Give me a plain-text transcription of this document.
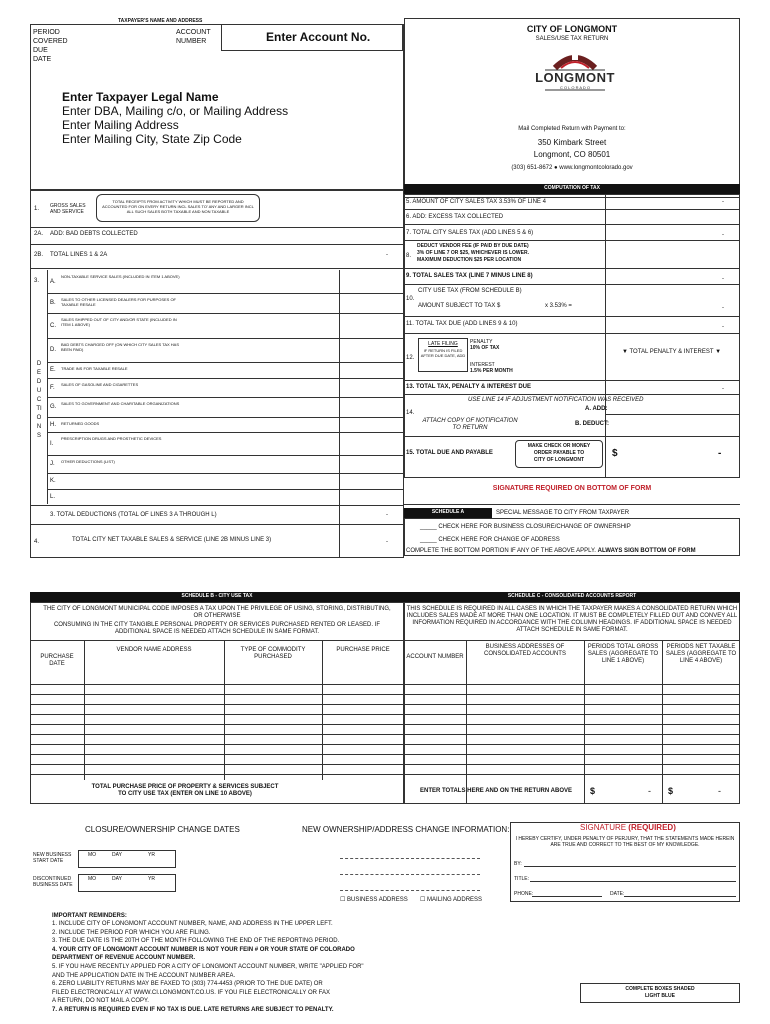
TAXPAYER'S NAME AND ADDRESS
PERIOD
COVERED
DUE
DATE
ACCOUNT
NUMBER	Enter Account No.
Enter Taxpayer Legal Name
Enter DBA, Mailing c/o, or Mailing Address
Enter Mailing Address
Enter Mailing City, State Zip Code
CITY OF LONGMONT
SALES/USE TAX RETURN
LONGMONT
C O L O R A D O
Mail Completed Return with Payment to:
350 Kimbark Street
Longmont, CO 80501
(303) 651-8672 ● www.longmontcolorado.gov
1. GROSS SALES
AND SERVICE
TOTAL RECEIPTS FROM ACTIVITY WHICH MUST BE REPORTED AND ACCOUNTED FOR ON EVERY RETURN INCL SALES TO’ ANY AND LARGER INCL ALL SUCH SALES BOTH TAXABLE AND NON TAXABLE
2A. ADD: BAD DEBTS COLLECTED
2B. TOTAL LINES 1 & 2A	-
3.
DEDUCTIONS
A.
NON-TAXABLE SERVICE SALES (INCLUDED IN ITEM 1 ABOVE)
B.
SALES TO OTHER LICENSED DEALERS FOR PURPOSES OF TAXABLE RESALE
C.
SALES SHIPPED OUT OF CITY AND/OR STATE (INCLUDED IN ITEM 1 ABOVE)
D.
BAD DEBTS CHARGED OFF (ON WHICH CITY SALES TAX HAS BEEN PAID)
E. TRADE INS FOR TAXABLE RESALE
F. SALES OF GASOLINE AND CIGARETTES
G.
SALES TO GOVERNMENT AND CHARITABLE ORGANIZATIONS
H. RETURNED GOODS
I.
PRESCRIPTION DRUGS AND PROSTHETIC DEVICES
J. OTHER DEDUCTIONS (LIST)
K.
L.
3. TOTAL DEDUCTIONS (TOTAL OF LINES 3 A THROUGH L)	-
4.	TOTAL CITY NET TAXABLE SALES & SERVICE (LINE 2B MINUS LINE 3)	-
COMPUTATION OF TAX
5. AMOUNT OF CITY SALES TAX 3.53% OF LINE 4	-
6. ADD: EXCESS TAX COLLECTED
7. TOTAL CITY SALES TAX (ADD LINES 5 & 6)	-
8.
DEDUCT VENDOR FEE (IF PAID BY DUE DATE)
3% OF LINE 7 OR $25, WHICHEVER IS LOWER.
MAXIMUM DEDUCTION $25 PER LOCATION
9. TOTAL SALES TAX (LINE 7 MINUS LINE 8)	-
10.
CITY USE TAX (FROM SCHEDULE B)
AMOUNT SUBJECT TO TAX $	x 3.53% =	-
11. TOTAL TAX DUE (ADD LINES 9 & 10)	-
12.
LATE FILING
IF RETURN IS FILED AFTER DUE DATE, ADD
PENALTY
10% OF TAX
INTEREST
1.5% PER MONTH
▼ TOTAL PENALTY & INTEREST ▼
13. TOTAL TAX, PENALTY & INTEREST DUE	-
14.
USE LINE 14 IF ADJUSTMENT NOTIFICATION WAS RECEIVED
A. ADD:
ATTACH COPY OF NOTIFICATION
TO RETURN
B. DEDUCT:
15. TOTAL DUE AND PAYABLE
MAKE CHECK OR MONEY
ORDER PAYABLE TO
CITY OF LONGMONT
$	-
SIGNATURE REQUIRED ON BOTTOM OF FORM
SCHEDULE A	SPECIAL MESSAGE TO CITY FROM TAXPAYER
_____ CHECK HERE FOR BUSINESS CLOSURE/CHANGE OF OWNERSHIP
_____ CHECK HERE FOR CHANGE OF ADDRESS
COMPLETE THE BOTTOM PORTION IF ANY OF THE ABOVE APPLY. ALWAYS SIGN BOTTOM OF FORM
SCHEDULE B - CITY USE TAX
THE CITY OF LONGMONT MUNICIPAL CODE IMPOSES A TAX UPON THE PRIVILEGE OF USING, STORING, DISTRIBUTING, OR OTHERWISE
CONSUMING IN THE CITY TANGIBLE PERSONAL PROPERTY OR SERVICES PURCHASED RENTED OR LEASED. IF ADDITIONAL SPACE IS NEEDED ATTACH SCHEDULE IN SAME FORMAT.
PURCHASE DATE
VENDOR NAME ADDRESS	TYPE OF COMMODITY PURCHASED
PURCHASE PRICE
TOTAL PURCHASE PRICE OF PROPERTY & SERVICES SUBJECT
TO CITY USE TAX (ENTER ON LINE 10 ABOVE)
SCHEDULE C - CONSOLIDATED ACCOUNTS REPORT
THIS SCHEDULE IS REQUIRED IN ALL CASES IN WHICH THE TAXPAYER MAKES A CONSOLIDATED RETURN WHICH INCLUDES SALES MADE AT MORE THAN ONE LOCATION. IT MUST BE COMPLETELY FILLED OUT AND CONVEY ALL INFORMATION REQUIRED IN ACCORDANCE WITH THE COLUMN HEADINGS. IF ADDITIONAL SPACE IS NEEDED ATTACH SCHEDULE IN SAME FORMAT.
ACCOUNT NUMBER
BUSINESS ADDRESSES OF CONSOLIDATED ACCOUNTS
PERIODS TOTAL GROSS SALES (AGGREGATE TO LINE 1 ABOVE)
PERIODS NET TAXABLE SALES (AGGREGATE TO LINE 4 ABOVE)
ENTER TOTALS HERE AND ON THE RETURN ABOVE $	- $	-
CLOSURE/OWNERSHIP CHANGE DATES
NEW BUSINESS
START DATE
MO	DAY	YR
DISCONTINUED
BUSINESS DATE
MO	DAY	YR
NEW OWNERSHIP/ADDRESS CHANGE INFORMATION:
☐ BUSINESS ADDRESS ☐ MAILING ADDRESS
SIGNATURE (REQUIRED)
I HEREBY CERTIFY, UNDER PENALTY OF PERJURY, THAT THE STATEMENTS MADE HEREIN ARE TRUE AND CORRECT TO THE BEST OF MY KNOWLEDGE.
BY:
TITLE:
PHONE:	DATE:
IMPORTANT REMINDERS:
1. INCLUDE CITY OF LONGMONT ACCOUNT NUMBER, NAME, AND ADDRESS IN THE UPPER LEFT.
2. INCLUDE THE PERIOD FOR WHICH YOU ARE FILING.
3. THE DUE DATE IS THE 20TH OF THE MONTH FOLLOWING THE END OF THE REPORTING PERIOD.
4. YOUR CITY OF LONGMONT ACCOUNT NUMBER IS NOT YOUR FEIN # OR YOUR STATE OF COLORADO
DEPARTMENT OF REVENUE ACCOUNT NUMBER.
5. IF YOU HAVE RECENTLY APPLIED FOR A CITY OF LONGMONT ACCOUNT NUMBER, WRITE "APPLIED FOR"
AND THE APPLICATION DATE IN THE ACCOUNT NUMBER AREA.
6. ZERO LIABILITY RETURNS MAY BE FAXED TO (303) 774-4453 (PRIOR TO THE DUE DATE) OR
FILED ELECTRONICALLY AT WWW.CI.LONGMONT.CO.US. IF YOU FILE ELECTRONICALLY OR FAX
A RETURN, DO NOT MAIL A COPY.
7. A RETURN IS REQUIRED EVEN IF NO TAX IS DUE. LATE RETURNS ARE SUBJECT TO PENALTY.
COMPLETE BOXES SHADED
LIGHT BLUE
